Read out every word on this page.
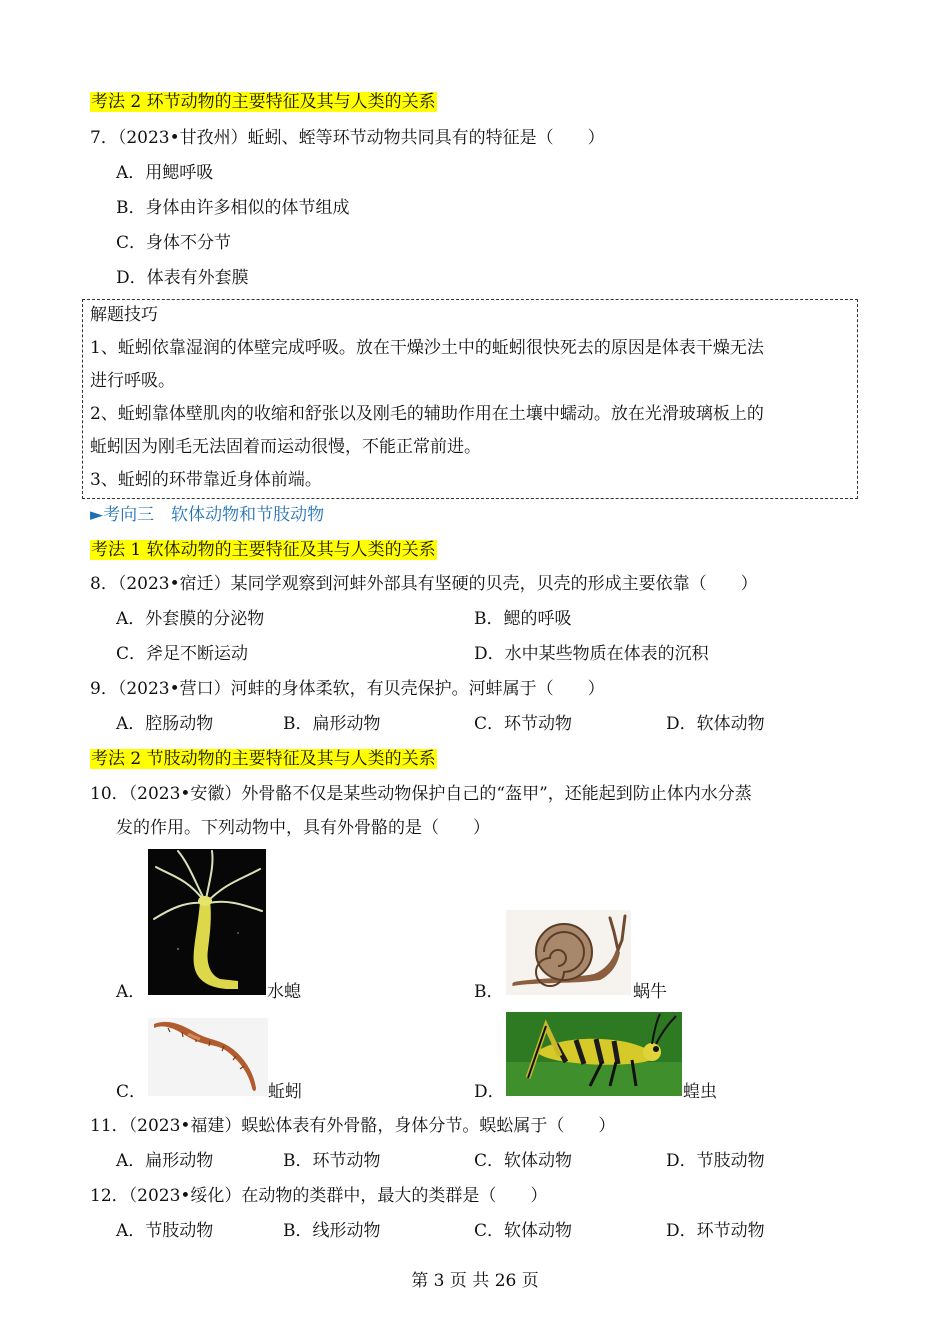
考法 2 环节动物的主要特征及其与人类的关系
7．（2023•甘孜州）蚯蚓、蛭等环节动物共同具有的特征是（　　）
A．用鳃呼吸
B．身体由许多相似的体节组成
C．身体不分节
D．体表有外套膜
解题技巧
1、蚯蚓依靠湿润的体壁完成呼吸。放在干燥沙土中的蚯蚓很快死去的原因是体表干燥无法
进行呼吸。
2、蚯蚓靠体壁肌肉的收缩和舒张以及刚毛的辅助作用在土壤中蠕动。放在光滑玻璃板上的
蚯蚓因为刚毛无法固着而运动很慢，不能正常前进。
3、蚯蚓的环带靠近身体前端。
►考向三　软体动物和节肢动物
考法 1 软体动物的主要特征及其与人类的关系
8．（2023•宿迁）某同学观察到河蚌外部具有坚硬的贝壳，贝壳的形成主要依靠（　　）
A．外套膜的分泌物	B．鳃的呼吸
C．斧足不断运动	D．水中某些物质在体表的沉积
9．（2023•营口）河蚌的身体柔软，有贝壳保护。河蚌属于（　　）
A．腔肠动物	B．扁形动物	C．环节动物	D．软体动物
考法 2 节肢动物的主要特征及其与人类的关系
10．（2023•安徽）外骨骼不仅是某些动物保护自己的“盔甲”，还能起到防止体内水分蒸
发的作用。下列动物中，具有外骨骼的是（　　）
A．	水螅	B．	蜗牛
C．	蚯蚓	D．	蝗虫
11．（2023•福建）蜈蚣体表有外骨骼，身体分节。蜈蚣属于（　　）
A．扁形动物	B．环节动物	C．软体动物	D．节肢动物
12．（2023•绥化）在动物的类群中，最大的类群是（　　）
A．节肢动物	B．线形动物	C．软体动物	D．环节动物
第 3 页 共 26 页
